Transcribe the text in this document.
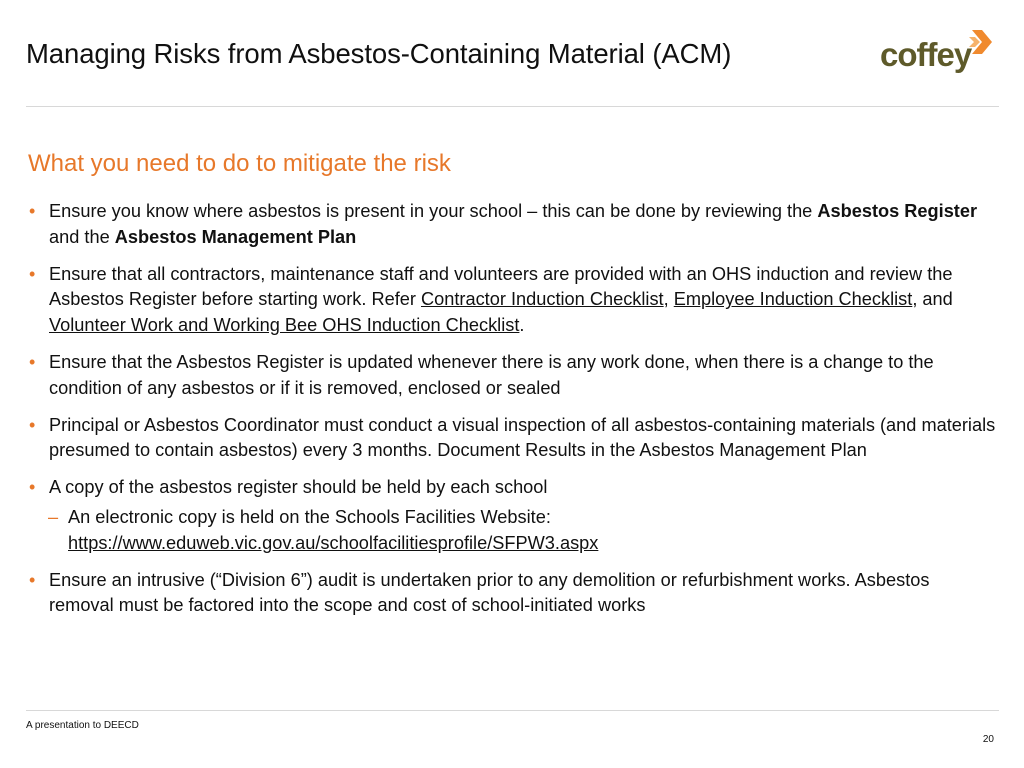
Managing Risks from Asbestos-Containing Material (ACM)	coffey
What you need to do to mitigate the risk
• Ensure you know where asbestos is present in your school – this can be done by reviewing the Asbestos Register and the Asbestos Management Plan
• Ensure that all contractors, maintenance staff and volunteers are provided with an OHS induction and review the Asbestos Register before starting work. Refer Contractor Induction Checklist, Employee Induction Checklist, and Volunteer Work and Working Bee OHS Induction Checklist.
• Ensure that the Asbestos Register is updated whenever there is any work done, when there is a change to the condition of any asbestos or if it is removed, enclosed or sealed
• Principal or Asbestos Coordinator must conduct a visual inspection of all asbestos-containing materials (and materials presumed to contain asbestos) every 3 months. Document Results in the Asbestos Management Plan
• A copy of the asbestos register should be held by each school
– An electronic copy is held on the Schools Facilities Website:
https://www.eduweb.vic.gov.au/schoolfacilitiesprofile/SFPW3.aspx
• Ensure an intrusive (“Division 6”) audit is undertaken prior to any demolition or refurbishment works. Asbestos removal must be factored into the scope and cost of school-initiated works
A presentation to DEECD
20
